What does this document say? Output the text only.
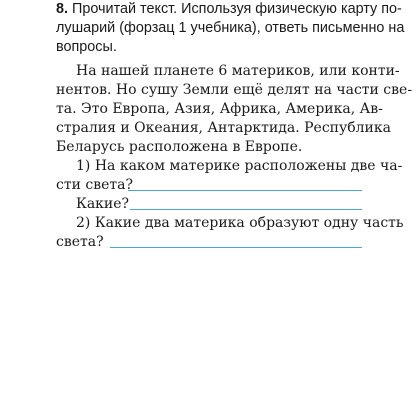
8. Прочитай текст. Используя физическую карту по-
лушарий (форзац 1 учебника), ответь письменно на
вопросы.
На нашей планете 6 материков, или конти-
нентов. Но сушу Земли ещё делят на части све-
та. Это Европа, Азия, Африка, Америка, Ав-
стралия и Океания, Антарктида. Республика
Беларусь расположена в Европе.
1) На каком материке расположены две ча-
сти света?
Какие?
2) Какие два материка образуют одну часть
света?
